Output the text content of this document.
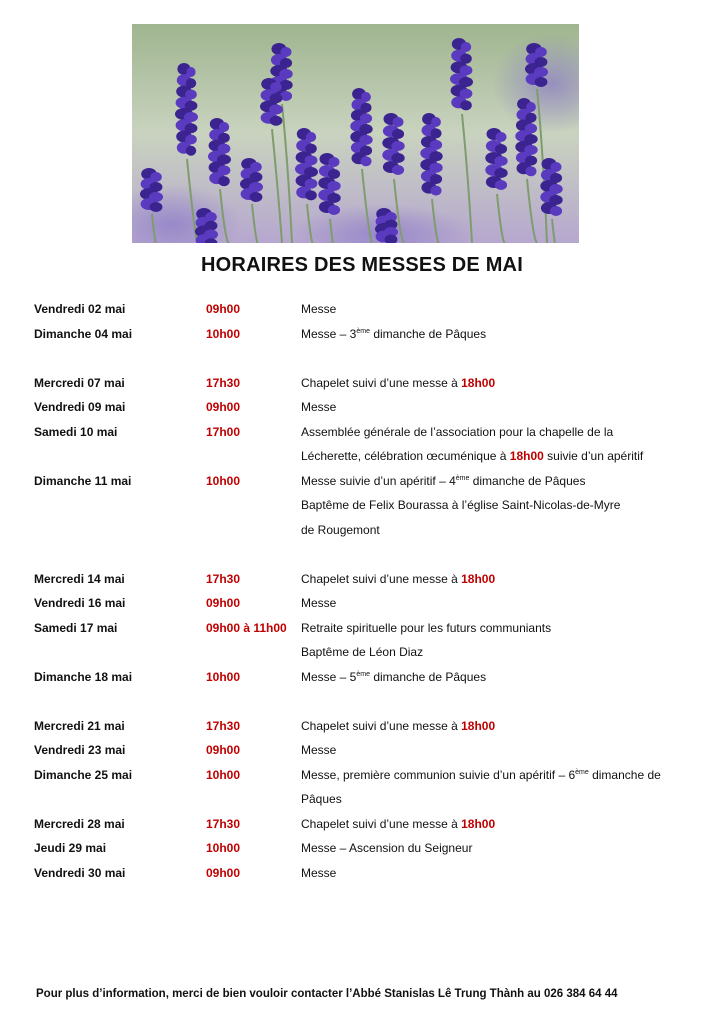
HORAIRES DES MESSES DE MAI
Vendredi 02 mai	09h00	Messe
Dimanche 04 mai	10h00	Messe – 3ème dimanche de Pâques
Mercredi 07 mai	17h30	Chapelet suivi d’une messe à 18h00
Vendredi 09 mai	09h00	Messe
Samedi 10 mai	17h00	Assemblée générale de l’association pour la chapelle de la
Lécherette, célébration œcuménique à 18h00 suivie d’un apéritif
Dimanche 11 mai	10h00	Messe suivie d’un apéritif – 4ème dimanche de Pâques
Baptême de Felix Bourassa à l’église Saint-Nicolas-de-Myre
de Rougemont
Mercredi 14 mai	17h30	Chapelet suivi d’une messe à 18h00
Vendredi 16 mai	09h00	Messe
Samedi 17 mai	09h00 à 11h00 Retraite spirituelle pour les futurs communiants
Baptême de Léon Diaz
Dimanche 18 mai	10h00	Messe – 5ème dimanche de Pâques
Mercredi 21 mai	17h30	Chapelet suivi d’une messe à 18h00
Vendredi 23 mai	09h00	Messe
Dimanche 25 mai	10h00	Messe, première communion suivie d’un apéritif – 6ème dimanche de
Pâques
Mercredi 28 mai	17h30	Chapelet suivi d’une messe à 18h00
Jeudi 29 mai	10h00	Messe – Ascension du Seigneur
Vendredi 30 mai	09h00	Messe
Pour plus d’information, merci de bien vouloir contacter l’Abbé Stanislas Lê Trung Thành au 026 384 64 44
